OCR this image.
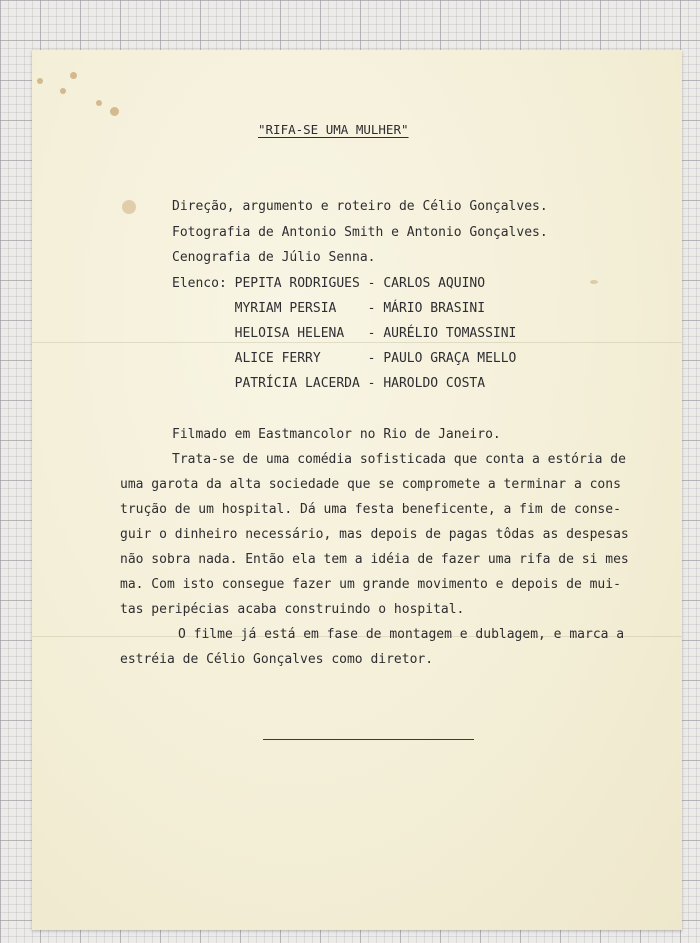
"RIFA-SE UMA MULHER"

Direção, argumento e roteiro de Célio Gonçalves.

Fotografia de Antonio Smith e Antonio Gonçalves.

Cenografia de Júlio Senna.

Elenco: PEPITA RODRIGUES - CARLOS AQUINO

MYRIAM PERSIA    - MÁRIO BRASINI

HELOISA HELENA   - AURÉLIO TOMASSINI

ALICE FERRY      - PAULO GRAÇA MELLO

PATRÍCIA LACERDA - HAROLDO COSTA

Filmado em Eastmancolor no Rio de Janeiro.

Trata-se de uma comédia sofisticada que conta a estória de

uma garota da alta sociedade que se compromete a terminar a cons

trução de um hospital. Dá uma festa beneficente, a fim de conse-

guir o dinheiro necessário, mas depois de pagas tôdas as despesas

não sobra nada. Então ela tem a idéia de fazer uma rifa de si mes

ma. Com isto consegue fazer um grande movimento e depois de mui-

tas peripécias acaba construindo o hospital.

O filme já está em fase de montagem e dublagem, e marca a

estréia de Célio Gonçalves como diretor.
